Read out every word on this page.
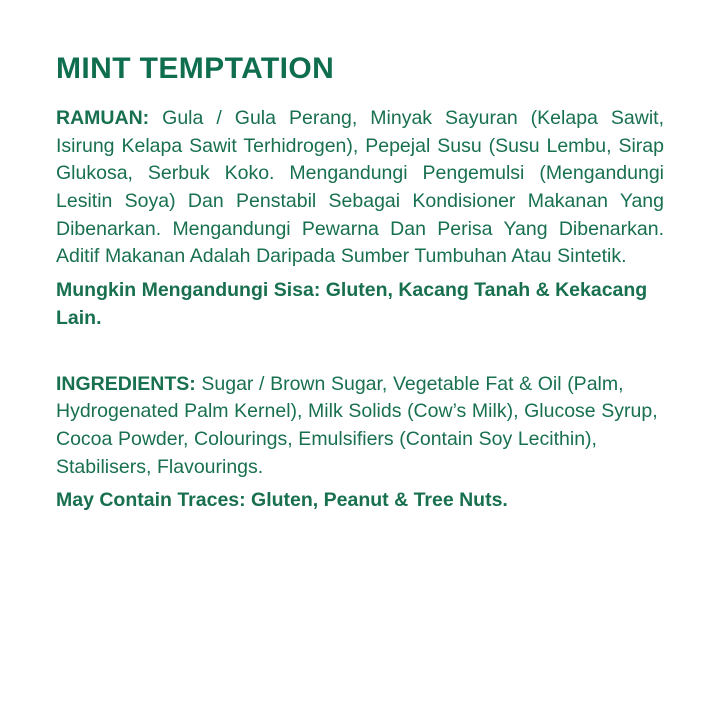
MINT TEMPTATION

RAMUAN: Gula / Gula Perang, Minyak Sayuran (Kelapa Sawit, Isirung Kelapa Sawit Terhidrogen), Pepejal Susu (Susu Lembu, Sirap Glukosa, Serbuk Koko. Mengandungi Pengemulsi (Mengandungi Lesitin Soya) Dan Penstabil Sebagai Kondisioner Makanan Yang Dibenarkan. Mengandungi Pewarna Dan Perisa Yang Dibenarkan. Aditif Makanan Adalah Daripada Sumber Tumbuhan Atau Sintetik.

Mungkin Mengandungi Sisa: Gluten, Kacang Tanah & Kekacang Lain.

INGREDIENTS: Sugar / Brown Sugar, Vegetable Fat & Oil (Palm, Hydrogenated Palm Kernel), Milk Solids (Cow’s Milk), Glucose Syrup, Cocoa Powder, Colourings, Emulsifiers (Contain Soy Lecithin), Stabilisers, Flavourings.

May Contain Traces: Gluten, Peanut & Tree Nuts.
